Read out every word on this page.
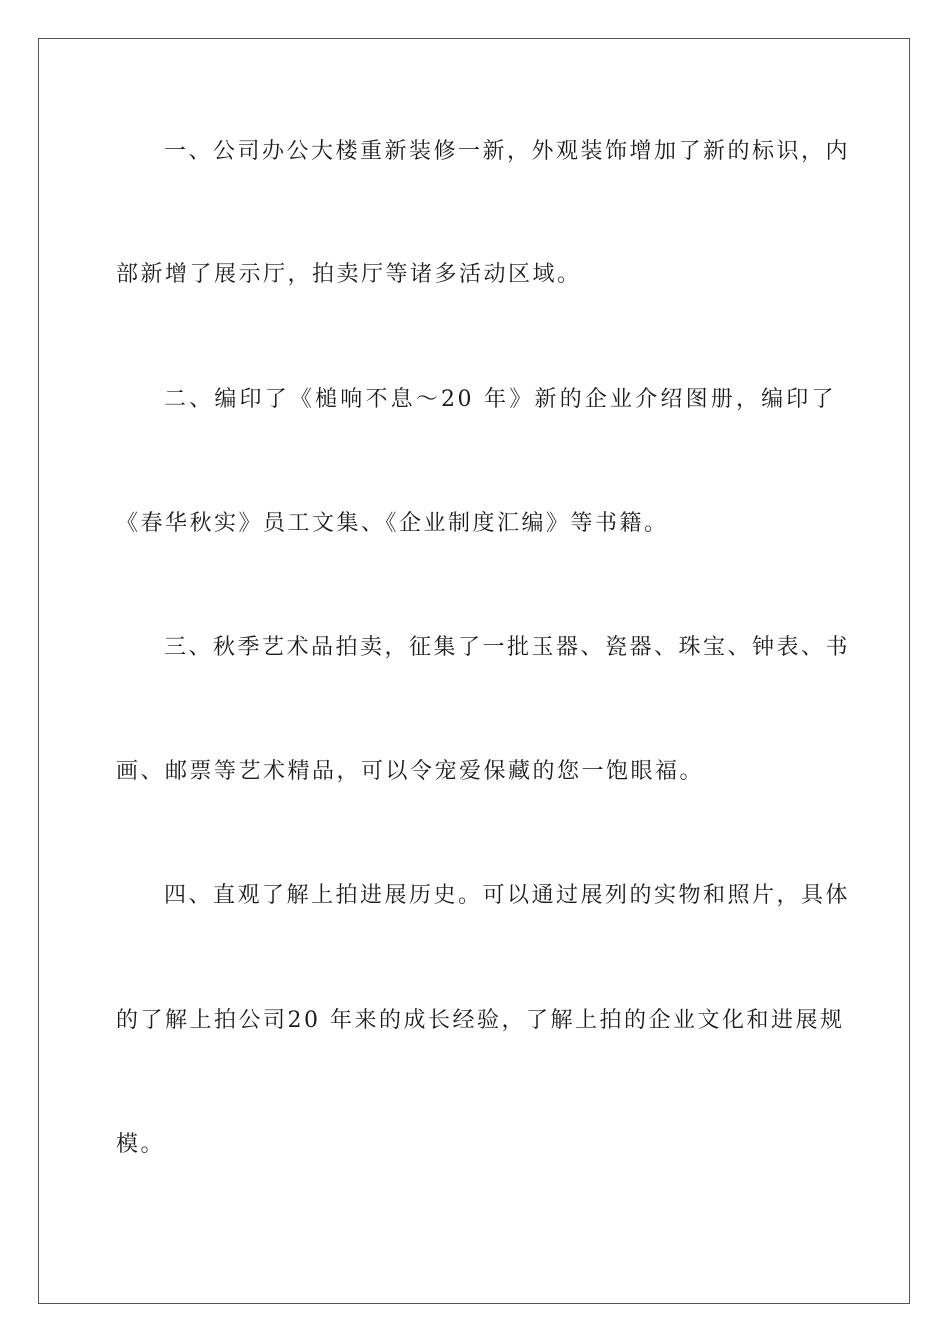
一、公司办公大楼重新装修一新，外观装饰增加了新的标识，内
部新增了展示厅，拍卖厅等诸多活动区域。
二、编印了《槌响不息～20 年》新的企业介绍图册，编印了
《春华秋实》员工文集、《企业制度汇编》等书籍。
三、秋季艺术品拍卖，征集了一批玉器、瓷器、珠宝、钟表、书
画、邮票等艺术精品，可以令宠爱保藏的您一饱眼福。
四、直观了解上拍进展历史。可以通过展列的实物和照片，具体
的了解上拍公司20 年来的成长经验，了解上拍的企业文化和进展规
模。
